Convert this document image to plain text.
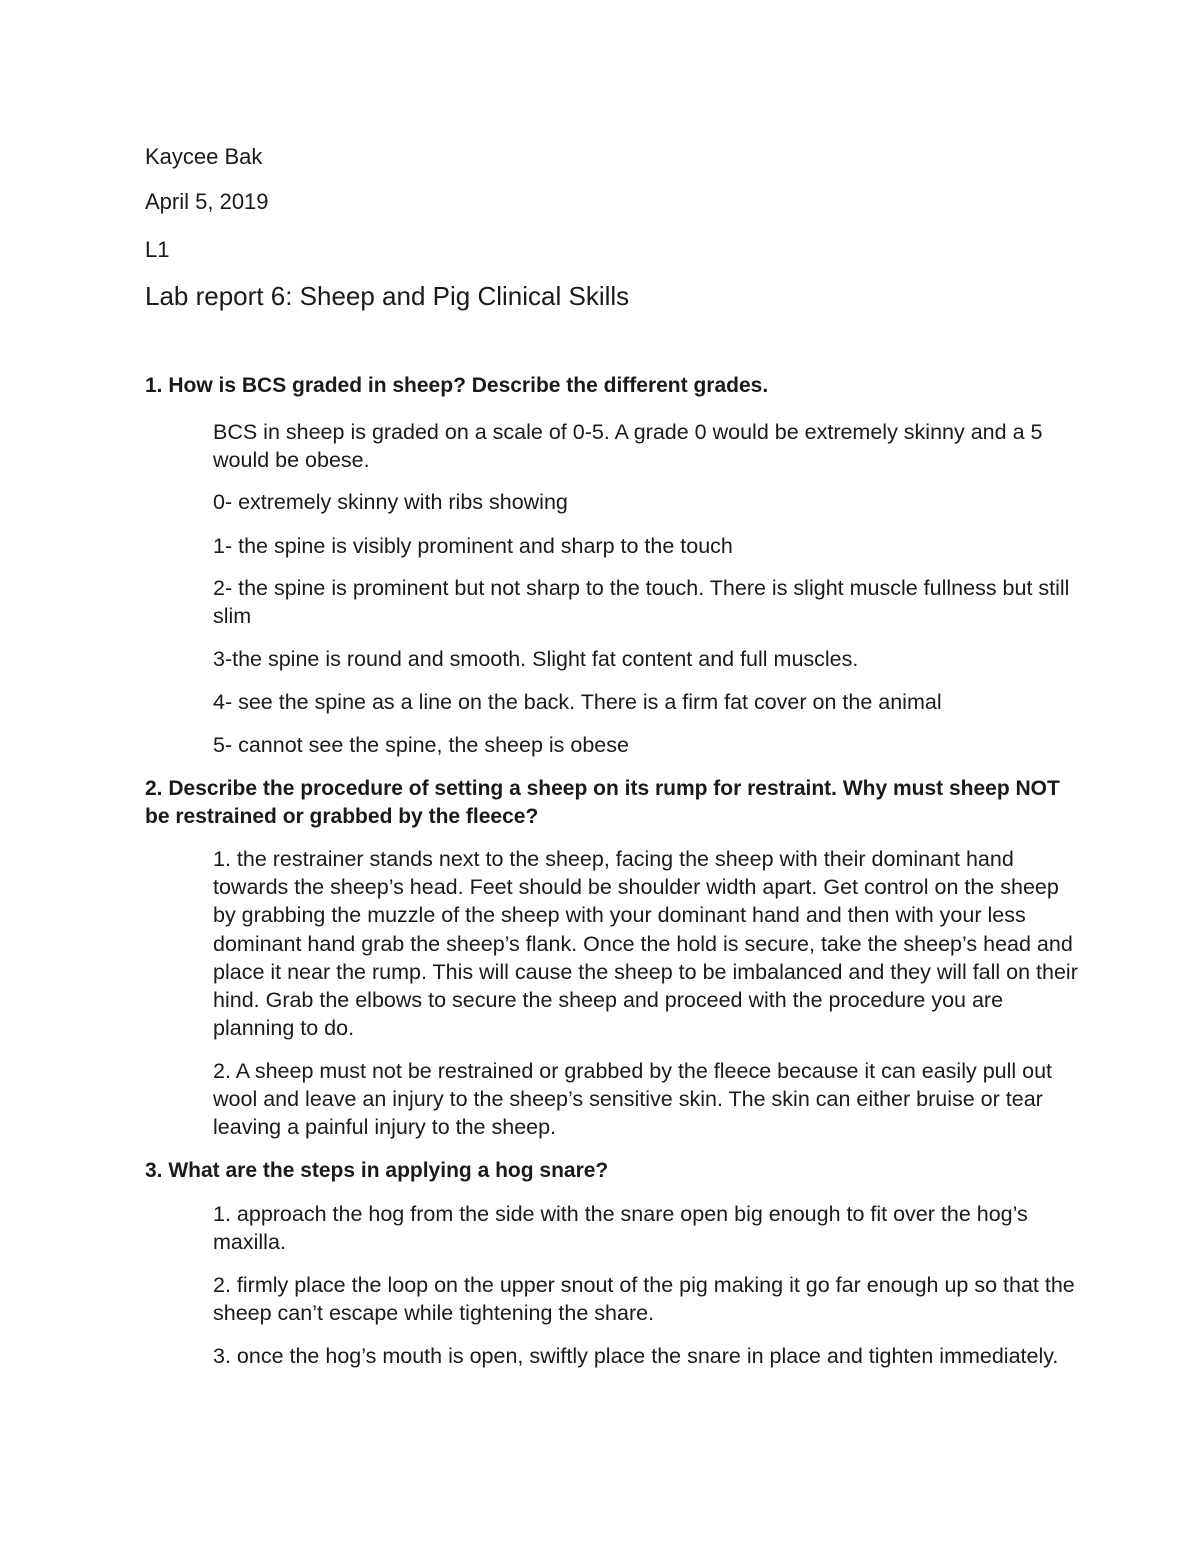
Kaycee Bak

April 5, 2019

L1

Lab report 6: Sheep and Pig Clinical Skills

1. How is BCS graded in sheep? Describe the different grades.

BCS in sheep is graded on a scale of 0-5. A grade 0 would be extremely skinny and a 5 would be obese.

0- extremely skinny with ribs showing

1- the spine is visibly prominent and sharp to the touch

2- the spine is prominent but not sharp to the touch. There is slight muscle fullness but still slim

3-the spine is round and smooth. Slight fat content and full muscles.

4- see the spine as a line on the back. There is a firm fat cover on the animal

5- cannot see the spine, the sheep is obese

2. Describe the procedure of setting a sheep on its rump for restraint. Why must sheep NOT be restrained or grabbed by the fleece?

1. the restrainer stands next to the sheep, facing the sheep with their dominant hand towards the sheep’s head. Feet should be shoulder width apart. Get control on the sheep by grabbing the muzzle of the sheep with your dominant hand and then with your less dominant hand grab the sheep’s flank. Once the hold is secure, take the sheep’s head and place it near the rump. This will cause the sheep to be imbalanced and they will fall on their hind. Grab the elbows to secure the sheep and proceed with the procedure you are planning to do.

2. A sheep must not be restrained or grabbed by the fleece because it can easily pull out wool and leave an injury to the sheep’s sensitive skin. The skin can either bruise or tear leaving a painful injury to the sheep.

3. What are the steps in applying a hog snare?

1. approach the hog from the side with the snare open big enough to fit over the hog’s maxilla.

2. firmly place the loop on the upper snout of the pig making it go far enough up so that the sheep can’t escape while tightening the share.

3. once the hog’s mouth is open, swiftly place the snare in place and tighten immediately.
